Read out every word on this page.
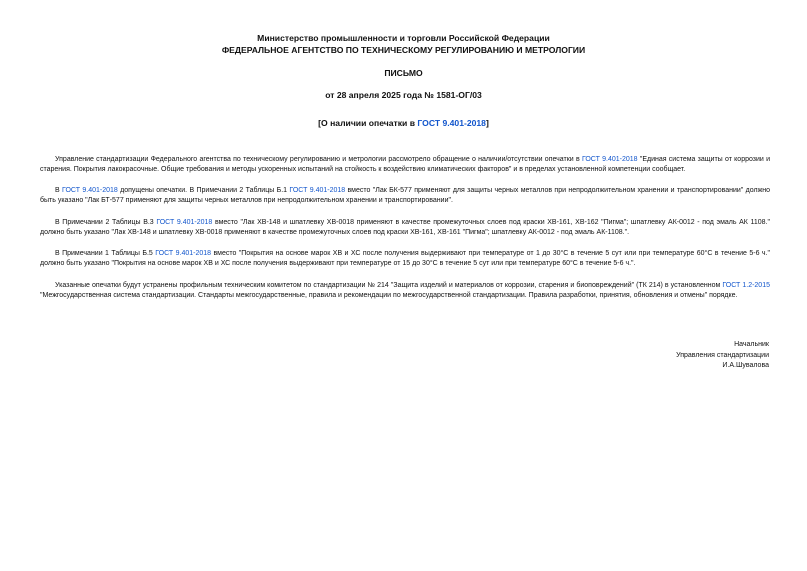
Министерство промышленности и торговли Российской Федерации
ФЕДЕРАЛЬНОЕ АГЕНТСТВО ПО ТЕХНИЧЕСКОМУ РЕГУЛИРОВАНИЮ И МЕТРОЛОГИИ
ПИСЬМО
от 28 апреля 2025 года № 1581-ОГ/03
[О наличии опечатки в ГОСТ 9.401-2018]

Управление стандартизации Федерального агентства по техническому регулированию и метрологии рассмотрело обращение о наличии/отсутствии опечатки в ГОСТ 9.401-2018 "Единая система защиты от коррозии и старения. Покрытия лакокрасочные. Общие требования и методы ускоренных испытаний на стойкость к воздействию климатических факторов" и в пределах установленной компетенции сообщает.

В ГОСТ 9.401-2018 допущены опечатки. В Примечании 2 Таблицы Б.1 ГОСТ 9.401-2018 вместо "Лак БК-577 применяют для защиты черных металлов при непродолжительном хранении и транспортировании" должно быть указано "Лак БТ-577 применяют для защиты черных металлов при непродолжительном хранении и транспортировании".

В Примечании 2 Таблицы В.3 ГОСТ 9.401-2018 вместо "Лак ХВ-148 и шпатлевку ХВ-0018 применяют в качестве промежуточных слоев под краски ХВ-161, ХВ-162 "Пигма"; шпатлевку АК-0012 - под эмаль АК 1108." должно быть указано "Лак ХВ-148 и шпатлевку ХВ-0018 применяют в качестве промежуточных слоев под краски ХВ-161, ХВ-161 "Пигма"; шпатлевку АК-0012 - под эмаль АК-1108.".

В Примечании 1 Таблицы Б.5 ГОСТ 9.401-2018 вместо "Покрытия на основе марок ХВ и ХС после получения выдерживают при температуре от 1 до 30°С в течение 5 сут или при температуре 60°С в течение 5-6 ч." должно быть указано "Покрытия на основе марок ХВ и ХС после получения выдерживают при температуре от 15 до 30°С в течение 5 сут или при температуре 60°С в течение 5-6 ч.".

Указанные опечатки будут устранены профильным техническим комитетом по стандартизации № 214 "Защита изделий и материалов от коррозии, старения и биоповреждений" (ТК 214) в установленном ГОСТ 1.2-2015 "Межгосударственная система стандартизации. Стандарты межгосударственные, правила и рекомендации по межгосударственной стандартизации. Правила разработки, принятия, обновления и отмены" порядке.

Начальник
Управления стандартизации
И.А.Шувалова
